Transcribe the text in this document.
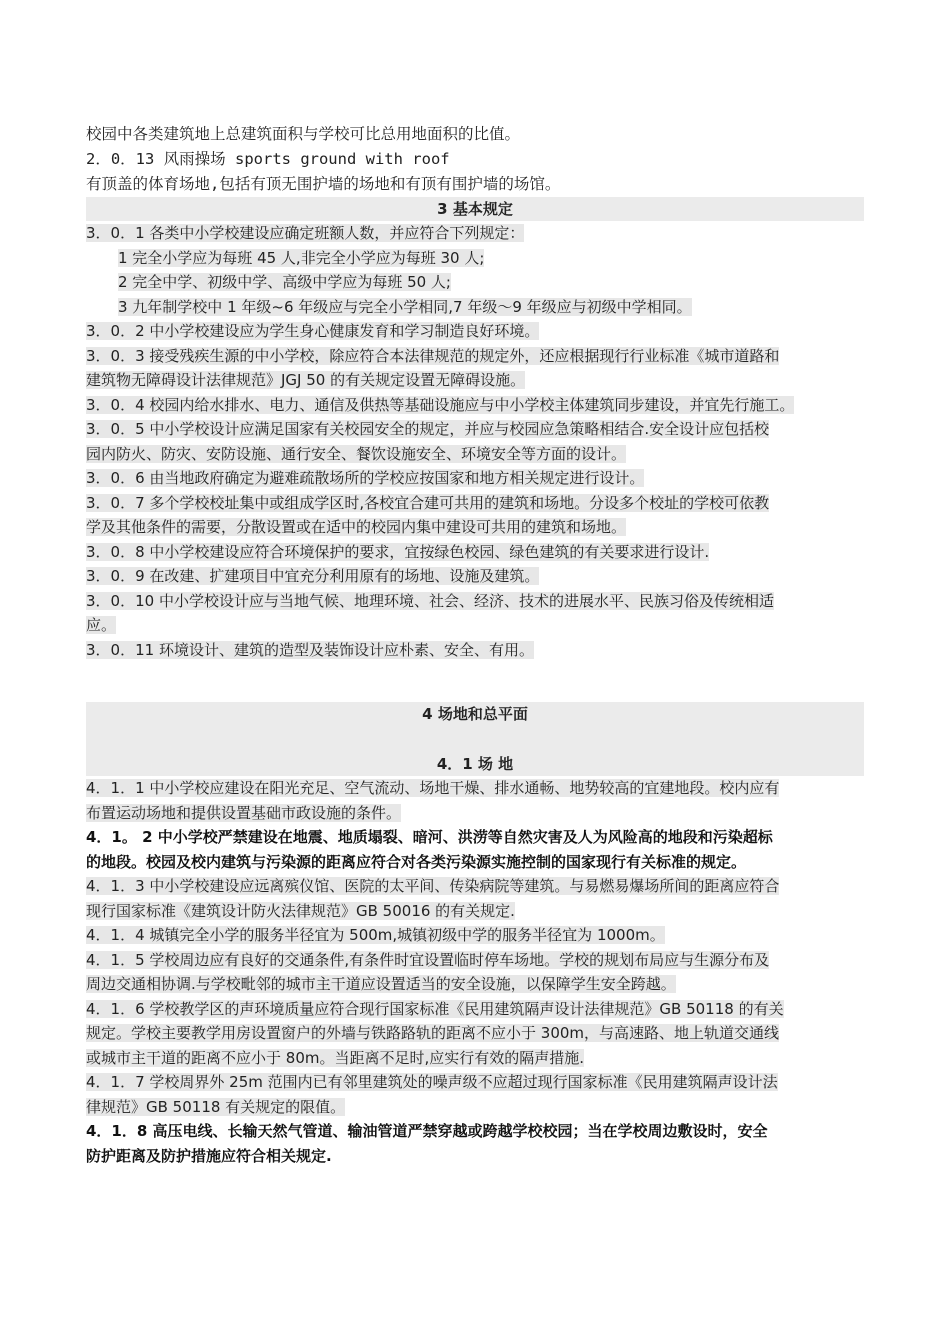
校园中各类建筑地上总建筑面积与学校可比总用地面积的比值。
2．0．13 风雨操场 sports ground with roof
有顶盖的体育场地,包括有顶无围护墙的场地和有顶有围护墙的场馆。
3 基本规定
3．0．1 各类中小学校建设应确定班额人数，并应符合下列规定：
1 完全小学应为每班 45 人,非完全小学应为每班 30 人;
2 完全中学、初级中学、高级中学应为每班 50 人;
3 九年制学校中 1 年级~6 年级应与完全小学相同,7 年级～9 年级应与初级中学相同。
3．0．2 中小学校建设应为学生身心健康发育和学习制造良好环境。
3．0．3 接受残疾生源的中小学校，除应符合本法律规范的规定外，还应根据现行行业标准《城市道路和
建筑物无障碍设计法律规范》JGJ 50 的有关规定设置无障碍设施。
3．0．4 校园内给水排水、电力、通信及供热等基础设施应与中小学校主体建筑同步建设，并宜先行施工。
3．0．5 中小学校设计应满足国家有关校园安全的规定，并应与校园应急策略相结合.安全设计应包括校
园内防火、防灾、安防设施、通行安全、餐饮设施安全、环境安全等方面的设计。
3．0．6 由当地政府确定为避难疏散场所的学校应按国家和地方相关规定进行设计。
3．0．7 多个学校校址集中或组成学区时,各校宜合建可共用的建筑和场地。分设多个校址的学校可依教
学及其他条件的需要，分散设置或在适中的校园内集中建设可共用的建筑和场地。
3．0．8 中小学校建设应符合环境保护的要求，宜按绿色校园、绿色建筑的有关要求进行设计.
3．0．9 在改建、扩建项目中宜充分利用原有的场地、设施及建筑。
3．0．10 中小学校设计应与当地气候、地理环境、社会、经济、技术的进展水平、民族习俗及传统相适
应。
3．0．11 环境设计、建筑的造型及装饰设计应朴素、安全、有用。
4 场地和总平面
4．1 场 地
4．1．1 中小学校应建设在阳光充足、空气流动、场地干燥、排水通畅、地势较高的宜建地段。校内应有
布置运动场地和提供设置基础市政设施的条件。
4．1。 2 中小学校严禁建设在地震、地质塌裂、暗河、洪涝等自然灾害及人为风险高的地段和污染超标
的地段。校园及校内建筑与污染源的距离应符合对各类污染源实施控制的国家现行有关标准的规定。
4．1．3 中小学校建设应远离殡仪馆、医院的太平间、传染病院等建筑。与易燃易爆场所间的距离应符合
现行国家标准《建筑设计防火法律规范》GB 50016 的有关规定.
4．1．4 城镇完全小学的服务半径宜为 500m,城镇初级中学的服务半径宜为 1000m。
4．1．5 学校周边应有良好的交通条件,有条件时宜设置临时停车场地。学校的规划布局应与生源分布及
周边交通相协调.与学校毗邻的城市主干道应设置适当的安全设施，以保障学生安全跨越。
4．1．6 学校教学区的声环境质量应符合现行国家标准《民用建筑隔声设计法律规范》GB 50118 的有关
规定。学校主要教学用房设置窗户的外墙与铁路路轨的距离不应小于 300m，与高速路、地上轨道交通线
或城市主干道的距离不应小于 80m。当距离不足时,应实行有效的隔声措施.
4．1．7 学校周界外 25m 范围内已有邻里建筑处的噪声级不应超过现行国家标准《民用建筑隔声设计法
律规范》GB 50118 有关规定的限值。
4．1．8 高压电线、长输天然气管道、输油管道严禁穿越或跨越学校校园；当在学校周边敷设时，安全
防护距离及防护措施应符合相关规定.
